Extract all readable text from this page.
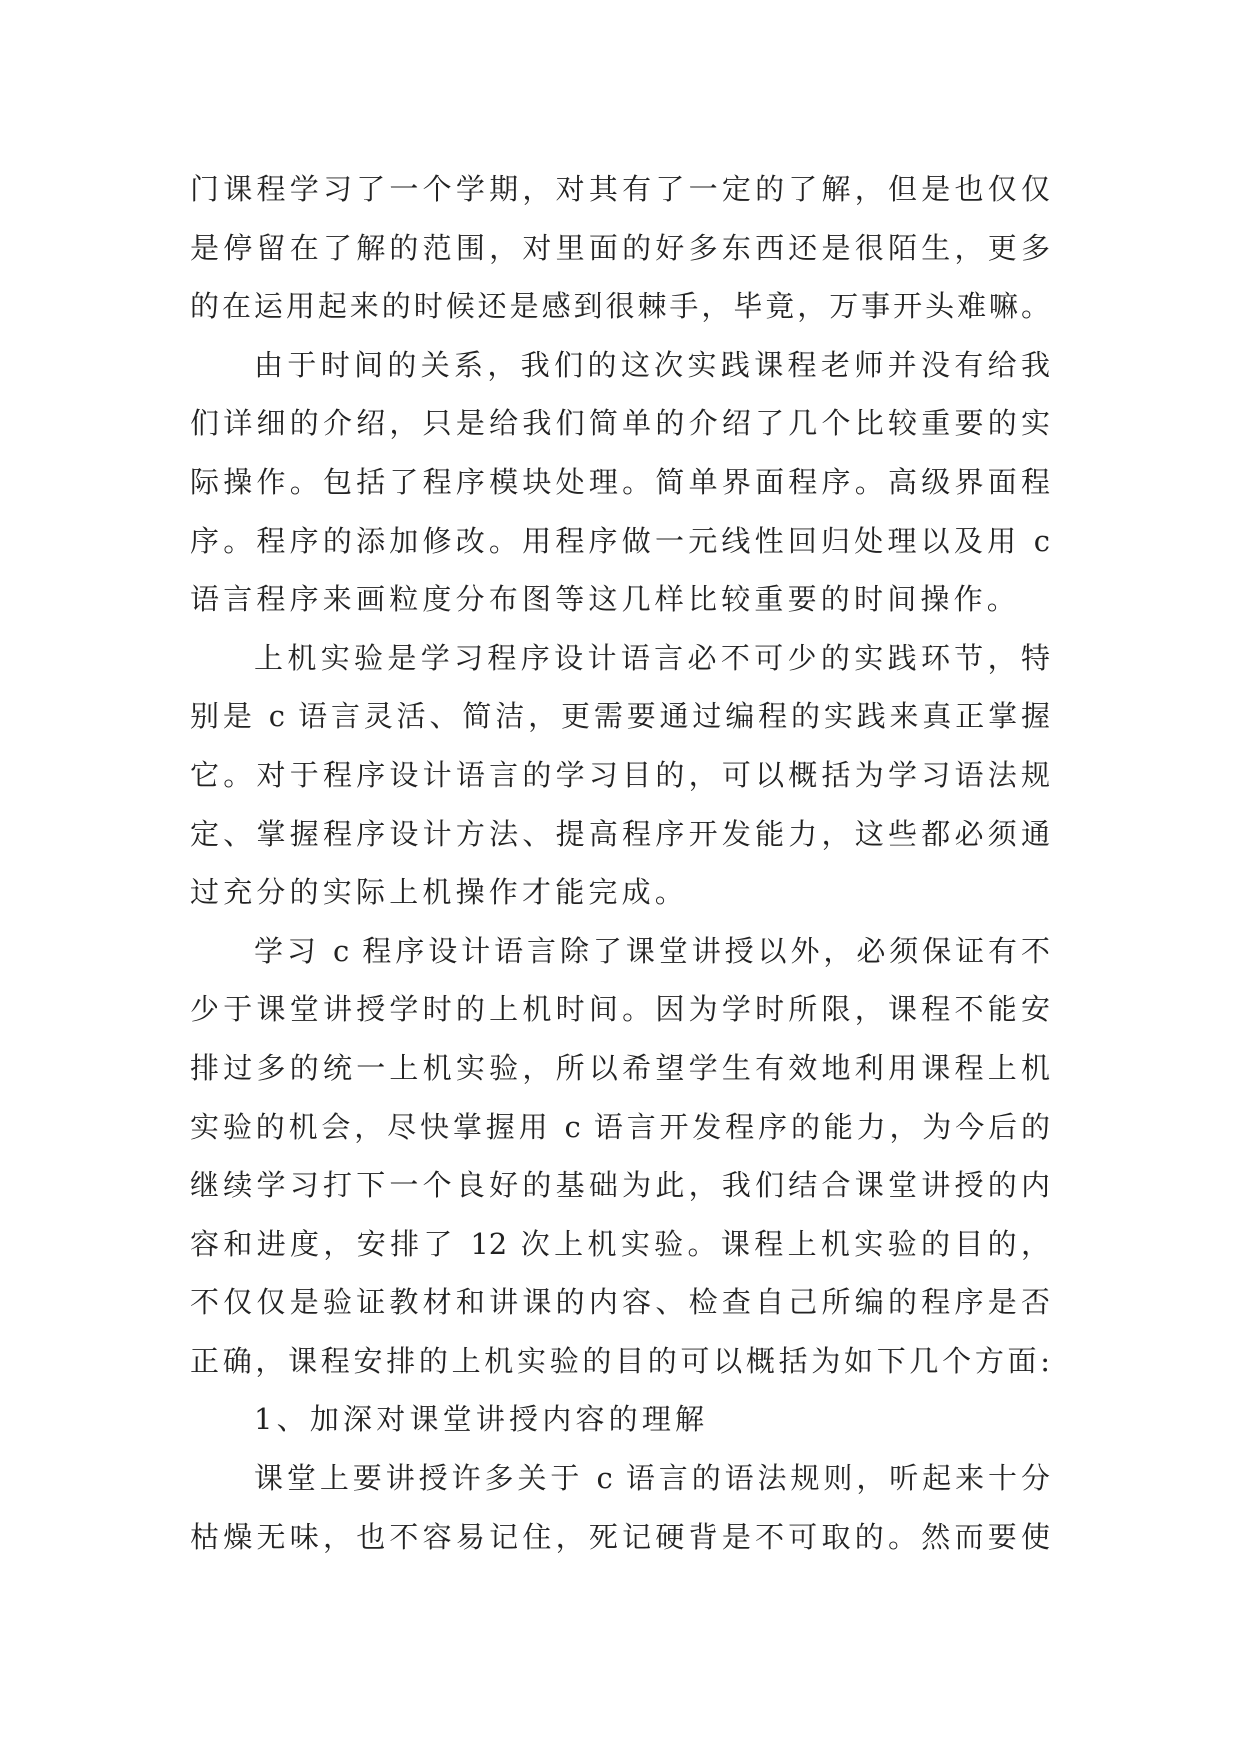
门课程学习了一个学期，对其有了一定的了解，但是也仅仅
是停留在了解的范围，对里面的好多东西还是很陌生，更多
的在运用起来的时候还是感到很棘手，毕竟，万事开头难嘛。
由于时间的关系，我们的这次实践课程老师并没有给我
们详细的介绍，只是给我们简单的介绍了几个比较重要的实
际操作。包括了程序模块处理。简单界面程序。高级界面程
序。程序的添加修改。用程序做一元线性回归处理以及用 c
语言程序来画粒度分布图等这几样比较重要的时间操作。
上机实验是学习程序设计语言必不可少的实践环节，特
别是 c 语言灵活、简洁，更需要通过编程的实践来真正掌握
它。对于程序设计语言的学习目的，可以概括为学习语法规
定、掌握程序设计方法、提高程序开发能力，这些都必须通
过充分的实际上机操作才能完成。
学习 c 程序设计语言除了课堂讲授以外，必须保证有不
少于课堂讲授学时的上机时间。因为学时所限，课程不能安
排过多的统一上机实验，所以希望学生有效地利用课程上机
实验的机会，尽快掌握用 c 语言开发程序的能力，为今后的
继续学习打下一个良好的基础为此，我们结合课堂讲授的内
容和进度，安排了 12 次上机实验。课程上机实验的目的，
不仅仅是验证教材和讲课的内容、检查自己所编的程序是否
正确，课程安排的上机实验的目的可以概括为如下几个方面:
1、加深对课堂讲授内容的理解
课堂上要讲授许多关于 c 语言的语法规则，听起来十分
枯燥无味，也不容易记住，死记硬背是不可取的。然而要使
